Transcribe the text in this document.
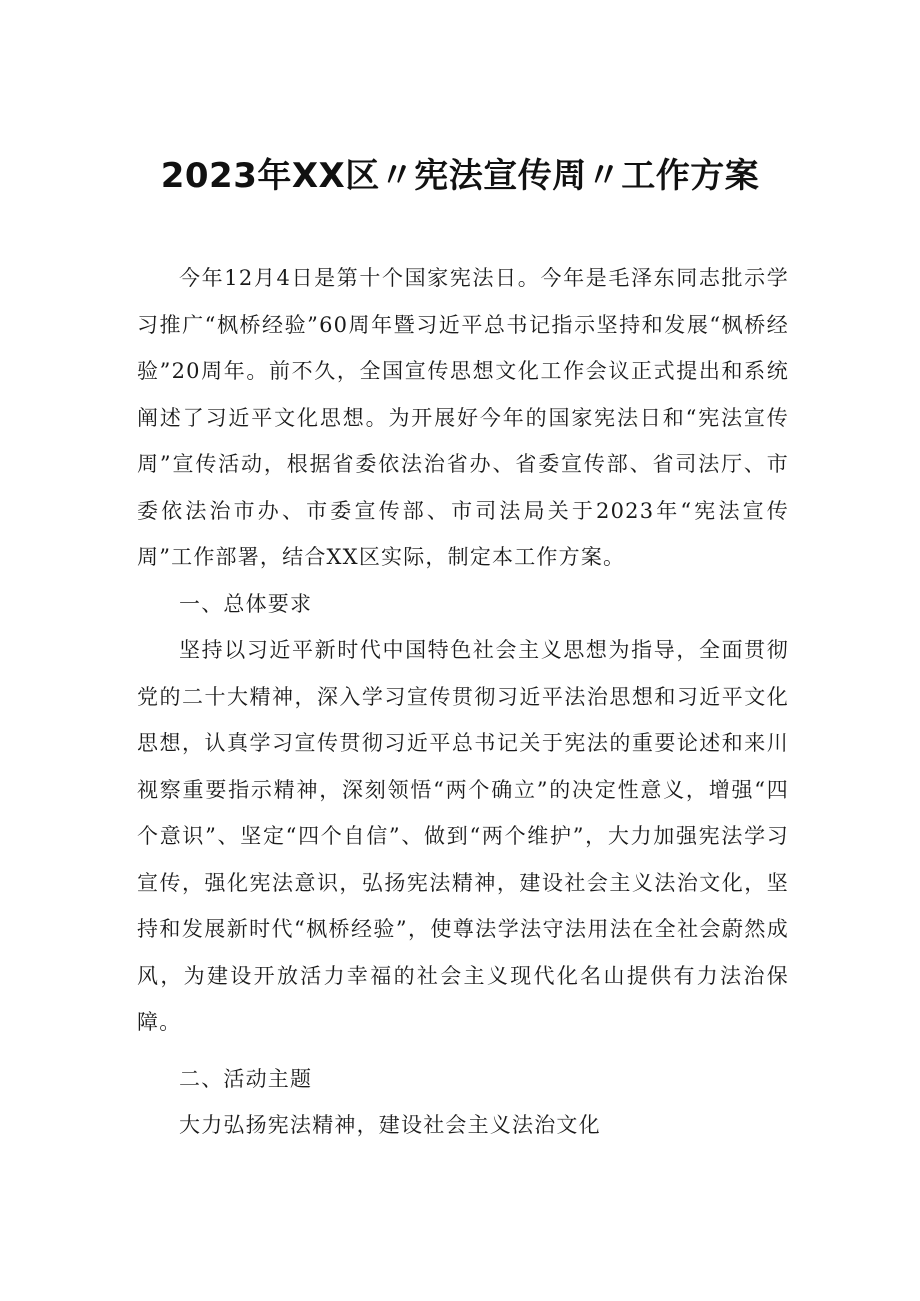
2023年XX区〃宪法宣传周〃工作方案

今年12月4日是第十个国家宪法日。今年是毛泽东同志批示学习推广“枫桥经验”60周年暨习近平总书记指示坚持和发展“枫桥经验”20周年。前不久，全国宣传思想文化工作会议正式提出和系统阐述了习近平文化思想。为开展好今年的国家宪法日和“宪法宣传周”宣传活动，根据省委依法治省办、省委宣传部、省司法厅、市委依法治市办、市委宣传部、市司法局关于2023年“宪法宣传周”工作部署，结合XX区实际，制定本工作方案。

一、总体要求

坚持以习近平新时代中国特色社会主义思想为指导，全面贯彻党的二十大精神，深入学习宣传贯彻习近平法治思想和习近平文化思想，认真学习宣传贯彻习近平总书记关于宪法的重要论述和来川视察重要指示精神，深刻领悟“两个确立”的决定性意义，增强“四个意识”、坚定“四个自信”、做到“两个维护”，大力加强宪法学习宣传，强化宪法意识，弘扬宪法精神，建设社会主义法治文化，坚持和发展新时代“枫桥经验”，使尊法学法守法用法在全社会蔚然成风，为建设开放活力幸福的社会主义现代化名山提供有力法治保障。

二、活动主题

大力弘扬宪法精神，建设社会主义法治文化
